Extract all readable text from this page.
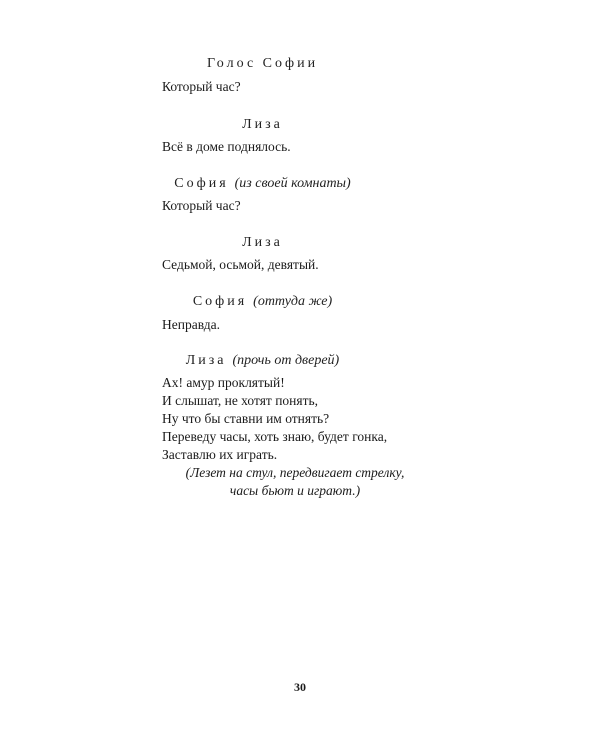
Голос Софии

Который час?

Лиза

Всё в доме поднялось.

София (из своей комнаты)

Который час?

Лиза

Седьмой, осьмой, девятый.

София (оттуда же)

Неправда.

Лиза (прочь от дверей)

Ах! амур проклятый!
И слышат, не хотят понять,
Ну что бы ставни им отнять?
Переведу часы, хоть знаю, будет гонка,
Заставлю их играть.
(Лезет на стул, передвигает стрелку,
часы бьют и играют.)

30
